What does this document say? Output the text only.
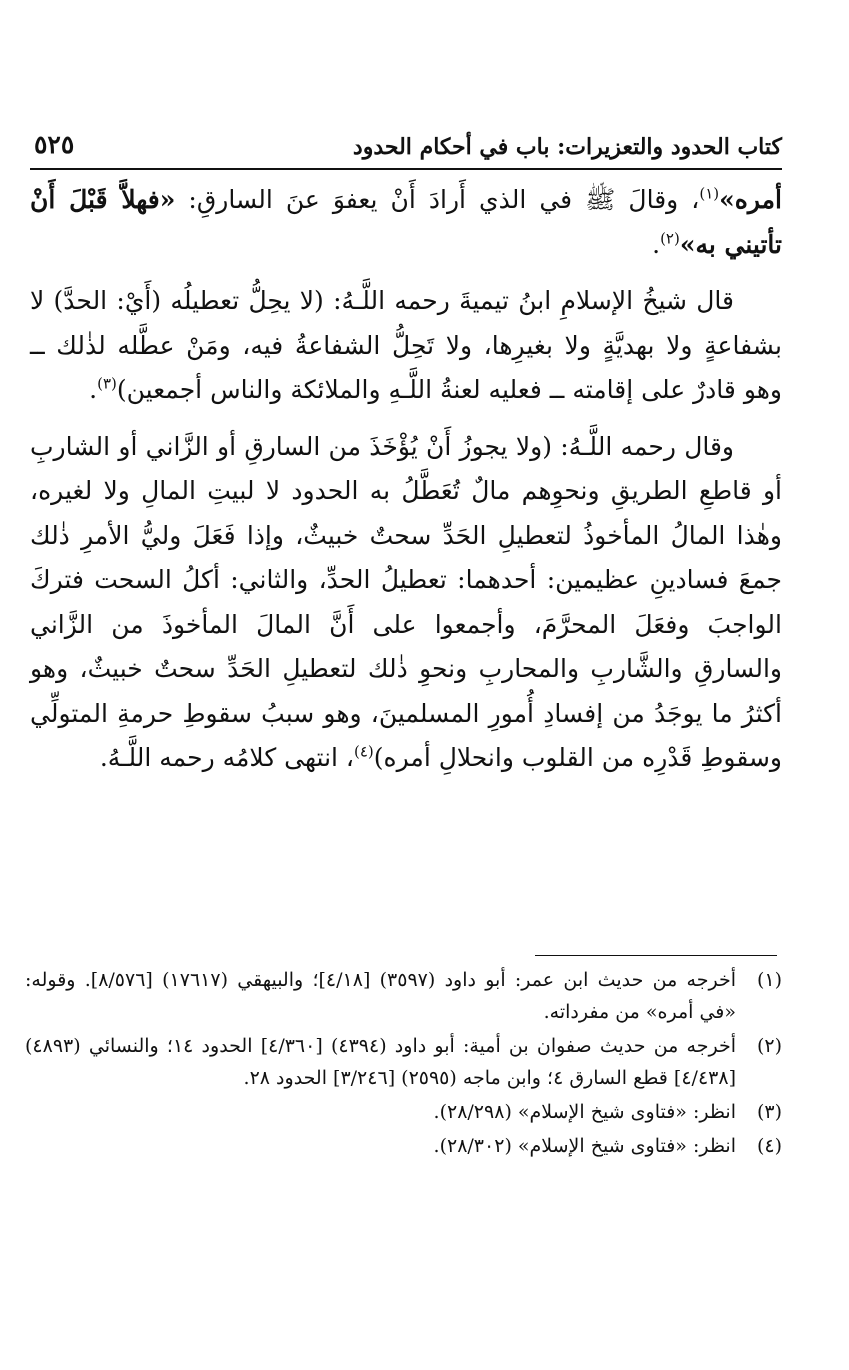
كتاب الحدود والتعزيرات: باب في أحكام الحدود
٥٢٥

أمره»$^{(١)}$، وقالَ ﷺ في الذي أَرادَ أَنْ يعفوَ عنَ السارقِ: «فهلاَّ قَبْلَ أَنْ تأتيني به»$^{(٢)}$.

قال شيخُ الإسلامِ ابنُ تيميةَ رحمه اللَّـهُ: (لا يحِلُّ تعطيلُه (أَيْ: الحدَّ) لا بشفاعةٍ ولا بهديَّةٍ ولا بغيرِها، ولا تَحِلُّ الشفاعةُ فيه، ومَنْ عطَّله لذٰلك ــ وهو قادرٌ على إقامته ــ فعليه لعنةُ اللَّـهِ والملائكة والناس أجمعين)$^{(٣)}$.

وقال رحمه اللَّـهُ: (ولا يجوزُ أَنْ يُؤْخَذَ من السارقِ أو الزَّاني أو الشاربِ أو قاطعِ الطريقِ ونحوِهم مالٌ تُعَطَّلُ به الحدود لا لبيتِ المالِ ولا لغيره، وهٰذا المالُ المأخوذُ لتعطيلِ الحَدِّ سحتٌ خبيثٌ، وإذا فَعَلَ وليُّ الأمرِ ذٰلك جمعَ فسادينِ عظيمين: أحدهما: تعطيلُ الحدِّ، والثاني: أكلُ السحت فتركَ الواجبَ وفعَلَ المحرَّمَ، وأجمعوا على أَنَّ المالَ المأخوذَ من الزَّاني والسارقِ والشَّاربِ والمحاربِ ونحوِ ذٰلك لتعطيلِ الحَدِّ سحتٌ خبيثٌ، وهو أكثرُ ما يوجَدُ من إفسادِ أُمورِ المسلمينَ، وهو سببُ سقوطِ حرمةِ المتولِّي وسقوطِ قَدْرِه من القلوب وانحلالِ أمره)$^{(٤)}$، انتهى كلامُه رحمه اللَّـهُ.

(١)
أخرجه من حديث ابن عمر: أبو داود (٣٥٩٧) [٤/١٨]؛ والبيهقي (١٧٦١٧) [٨/٥٧٦]. وقوله: «في أمره» من مفرداته.
(٢)
أخرجه من حديث صفوان بن أمية: أبو داود (٤٣٩٤) [٤/٣٦٠] الحدود ١٤؛ والنسائي (٤٨٩٣) [٤/٤٣٨] قطع السارق ٤؛ وابن ماجه (٢٥٩٥) [٣/٢٤٦] الحدود ٢٨.
(٣)
انظر: «فتاوى شيخ الإسلام» (٢٨/٢٩٨).
(٤)
انظر: «فتاوى شيخ الإسلام» (٢٨/٣٠٢).
